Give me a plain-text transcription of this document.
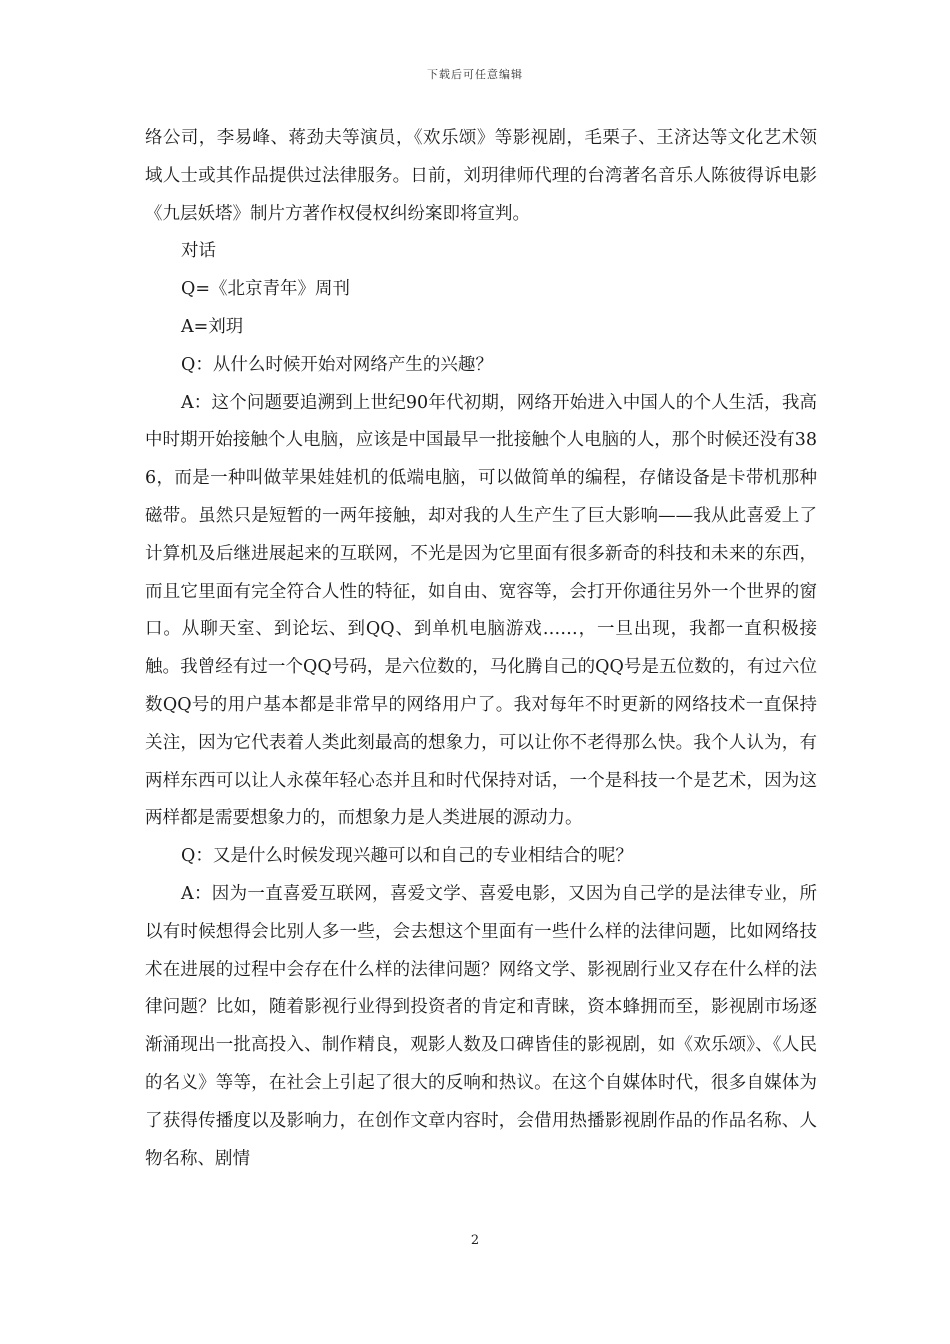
下载后可任意编辑

络公司，李易峰、蒋劲夫等演员，《欢乐颂》等影视剧，毛栗子、王济达等文化艺术领域人士或其作品提供过法律服务。日前，刘玥律师代理的台湾著名音乐人陈彼得诉电影《九层妖塔》制片方著作权侵权纠纷案即将宣判。

对话

Q=《北京青年》周刊

A=刘玥

Q：从什么时候开始对网络产生的兴趣？

A：这个问题要追溯到上世纪90年代初期，网络开始进入中国人的个人生活，我高中时期开始接触个人电脑，应该是中国最早一批接触个人电脑的人，那个时候还没有386，而是一种叫做苹果娃娃机的低端电脑，可以做简单的编程，存储设备是卡带机那种磁带。虽然只是短暂的一两年接触，却对我的人生产生了巨大影响——我从此喜爱上了计算机及后继进展起来的互联网，不光是因为它里面有很多新奇的科技和未来的东西，而且它里面有完全符合人性的特征，如自由、宽容等，会打开你通往另外一个世界的窗口。从聊天室、到论坛、到QQ、到单机电脑游戏……，一旦出现，我都一直积极接触。我曾经有过一个QQ号码，是六位数的，马化腾自己的QQ号是五位数的，有过六位数QQ号的用户基本都是非常早的网络用户了。我对每年不时更新的网络技术一直保持关注，因为它代表着人类此刻最高的想象力，可以让你不老得那么快。我个人认为，有两样东西可以让人永葆年轻心态并且和时代保持对话，一个是科技一个是艺术，因为这两样都是需要想象力的，而想象力是人类进展的源动力。

Q：又是什么时候发现兴趣可以和自己的专业相结合的呢？

A：因为一直喜爱互联网，喜爱文学、喜爱电影，又因为自己学的是法律专业，所以有时候想得会比别人多一些，会去想这个里面有一些什么样的法律问题，比如网络技术在进展的过程中会存在什么样的法律问题？网络文学、影视剧行业又存在什么样的法律问题？比如，随着影视行业得到投资者的肯定和青睐，资本蜂拥而至，影视剧市场逐渐涌现出一批高投入、制作精良，观影人数及口碑皆佳的影视剧，如《欢乐颂》、《人民的名义》等等，在社会上引起了很大的反响和热议。在这个自媒体时代，很多自媒体为了获得传播度以及影响力，在创作文章内容时，会借用热播影视剧作品的作品名称、人物名称、剧情

2
